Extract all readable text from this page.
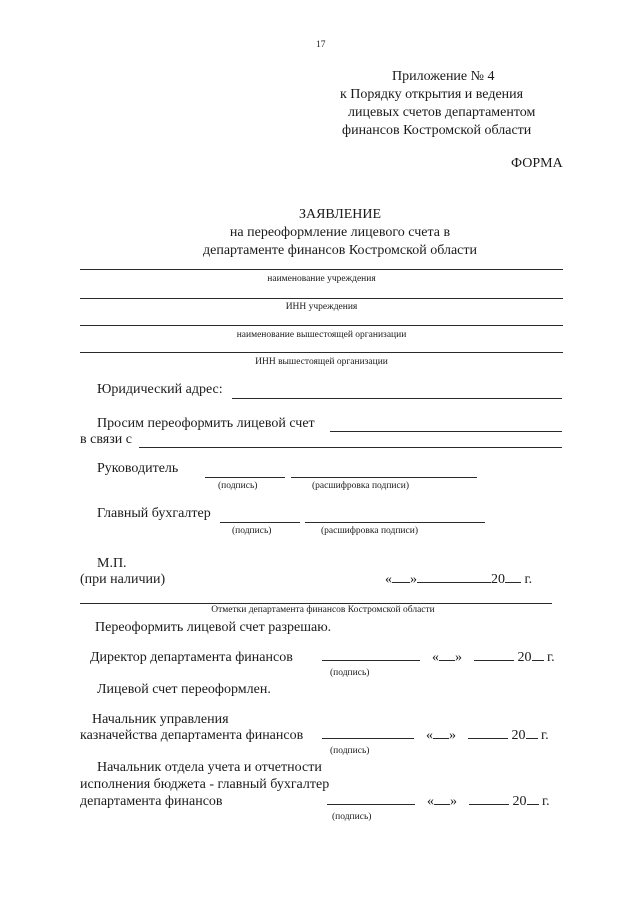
17
Приложение № 4
к Порядку открытия и ведения
лицевых счетов департаментом
финансов Костромской области
ФОРМА
ЗАЯВЛЕНИЕ
на переоформление лицевого счета в
департаменте финансов Костромской области
наименование учреждения
ИНН учреждения
наименование вышестоящей организации
ИНН вышестоящей организации
Юридический адрес:
Просим переоформить лицевой счет
в связи с
Руководитель
(подпись)	(расшифровка подписи)
Главный бухгалтер
(подпись)	(расшифровка подписи)
М.П.
(при наличии)	« »	20 г.
Отметки департамента финансов Костромской области
Переоформить лицевой счет разрешаю.
Директор департамента финансов	« »	20 г.
(подпись)
Лицевой счет переоформлен.
Начальник управления
казначейства департамента финансов	« »	20 г.
(подпись)
Начальник отдела учета и отчетности
исполнения бюджета - главный бухгалтер
департамента финансов	« »	20 г.
(подпись)
